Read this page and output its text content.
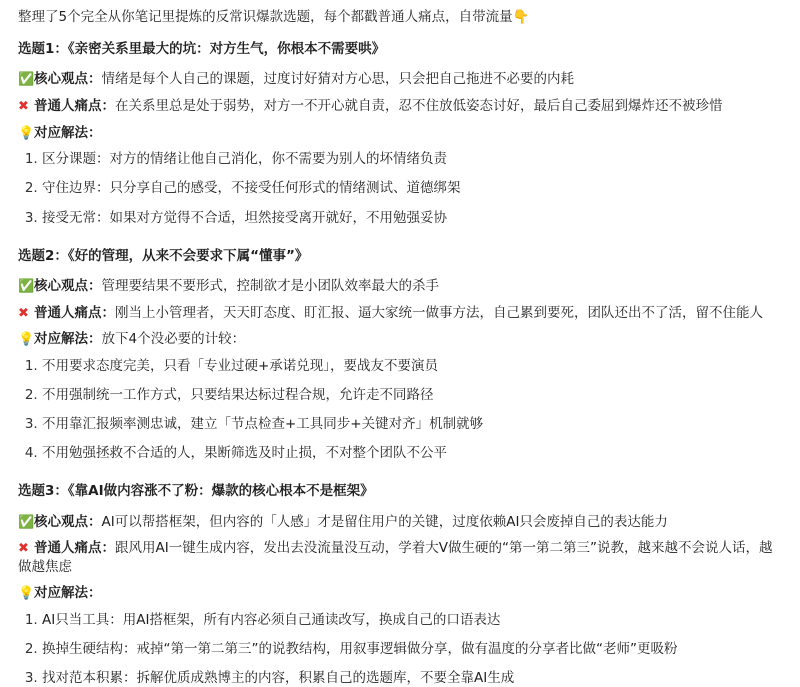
整理了5个完全从你笔记里提炼的反常识爆款选题，每个都戳普通人痛点，自带流量👇

选题1：《亲密关系里最大的坑：对方生气，你根本不需要哄》

✅核心观点：情绪是每个人自己的课题，过度讨好猜对方心思，只会把自己拖进不必要的内耗

✖ 普通人痛点：在关系里总是处于弱势，对方一不开心就自责，忍不住放低姿态讨好，最后自己委屈到爆炸还不被珍惜

💡对应解法：

1. 区分课题：对方的情绪让他自己消化，你不需要为别人的坏情绪负责
2. 守住边界：只分享自己的感受，不接受任何形式的情绪测试、道德绑架
3. 接受无常：如果对方觉得不合适，坦然接受离开就好，不用勉强妥协

选题2：《好的管理，从来不会要求下属“懂事”》

✅核心观点：管理要结果不要形式，控制欲才是小团队效率最大的杀手

✖ 普通人痛点：刚当上小管理者，天天盯态度、盯汇报、逼大家统一做事方法，自己累到要死，团队还出不了活，留不住能人

💡对应解法：放下4个没必要的计较：

1. 不用要求态度完美，只看「专业过硬+承诺兑现」，要战友不要演员
2. 不用强制统一工作方式，只要结果达标过程合规，允许走不同路径
3. 不用靠汇报频率测忠诚，建立「节点检查+工具同步+关键对齐」机制就够
4. 不用勉强拯救不合适的人，果断筛选及时止损，不对整个团队不公平

选题3：《靠AI做内容涨不了粉：爆款的核心根本不是框架》

✅核心观点：AI可以帮搭框架，但内容的「人感」才是留住用户的关键，过度依赖AI只会废掉自己的表达能力

✖ 普通人痛点：跟风用AI一键生成内容，发出去没流量没互动，学着大V做生硬的“第一第二第三”说教，越来越不会说人话，越做越焦虑

💡对应解法：

1. AI只当工具：用AI搭框架，所有内容必须自己通读改写，换成自己的口语表达
2. 换掉生硬结构：戒掉“第一第二第三”的说教结构，用叙事逻辑做分享，做有温度的分享者比做“老师”更吸粉
3. 找对范本积累：拆解优质成熟博主的内容，积累自己的选题库，不要全靠AI生成
